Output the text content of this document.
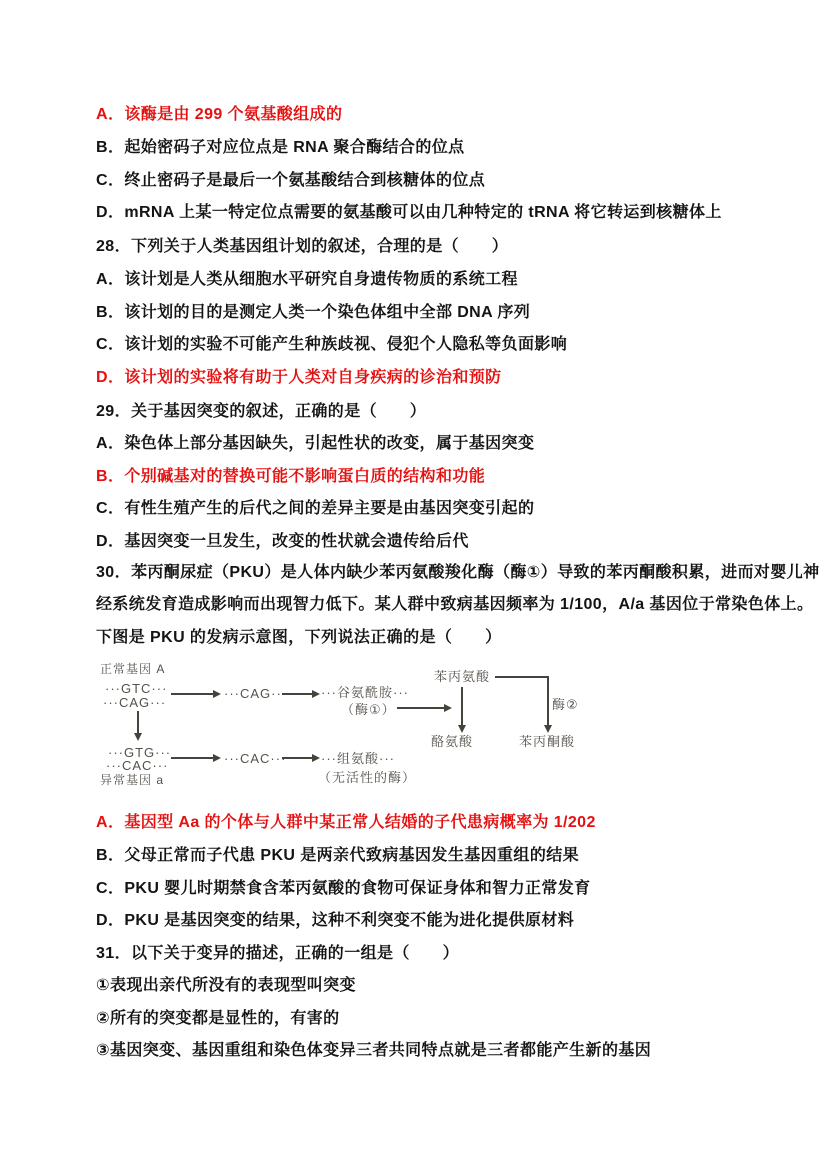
A．该酶是由 299 个氨基酸组成的
B．起始密码子对应位点是 RNA 聚合酶结合的位点
C．终止密码子是最后一个氨基酸结合到核糖体的位点
D．mRNA 上某一特定位点需要的氨基酸可以由几种特定的 tRNA 将它转运到核糖体上
28．下列关于人类基因组计划的叙述，合理的是（　　）
A．该计划是人类从细胞水平研究自身遗传物质的系统工程
B．该计划的目的是测定人类一个染色体组中全部 DNA 序列
C．该计划的实验不可能产生种族歧视、侵犯个人隐私等负面影响
D．该计划的实验将有助于人类对自身疾病的诊治和预防
29．关于基因突变的叙述，正确的是（　　）
A．染色体上部分基因缺失，引起性状的改变，属于基因突变
B．个别碱基对的替换可能不影响蛋白质的结构和功能
C．有性生殖产生的后代之间的差异主要是由基因突变引起的
D．基因突变一旦发生，改变的性状就会遗传给后代
30．苯丙酮尿症（PKU）是人体内缺少苯丙氨酸羧化酶（酶①）导致的苯丙酮酸积累，进而对婴儿神
经系统发育造成影响而出现智力低下。某人群中致病基因频率为 1/100，A/a 基因位于常染色体上。
下图是 PKU 的发病示意图，下列说法正确的是（　　）
A．基因型 Aa 的个体与人群中某正常人结婚的子代患病概率为 1/202
B．父母正常而子代患 PKU 是两亲代致病基因发生基因重组的结果
C．PKU 婴儿时期禁食含苯丙氨酸的食物可保证身体和智力正常发育
D．PKU 是基因突变的结果，这种不利突变不能为进化提供原材料
31．以下关于变异的描述，正确的一组是（　　）
①表现出亲代所没有的表现型叫突变
②所有的突变都是显性的，有害的
③基因突变、基因重组和染色体变异三者共同特点就是三者都能产生新的基因
正常基因 A
···GTC···
···CAG···
···CAG···	···谷氨酰胺···
（酶①）
苯丙氨酸
酶②
酪氨酸	苯丙酮酸
···GTG···
···CAC···
异常基因 a
···CAC···	···组氨酸···
（无活性的酶）
